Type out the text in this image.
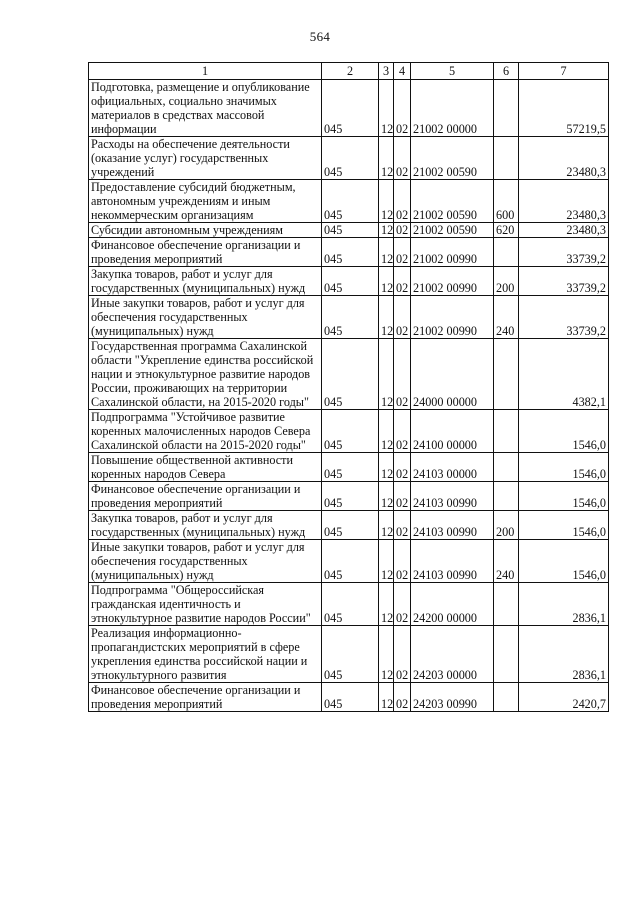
564
1	2	3	4	5	6	7
Подготовка, размещение и опубликование официальных, социально значимых материалов в средствах массовой информации	045	12	02	21002 00000		57219,5
Расходы на обеспечение деятельности (оказание услуг) государственных учреждений	045	12	02	21002 00590		23480,3
Предоставление субсидий бюджетным, автономным учреждениям и иным некоммерческим организациям	045	12	02	21002 00590	600	23480,3
Субсидии автономным учреждениям	045	12	02	21002 00590	620	23480,3
Финансовое обеспечение организации и проведения мероприятий	045	12	02	21002 00990		33739,2
Закупка товаров, работ и услуг для государственных (муниципальных) нужд	045	12	02	21002 00990	200	33739,2
Иные закупки товаров, работ и услуг для обеспечения государственных (муниципальных) нужд	045	12	02	21002 00990	240	33739,2
Государственная программа Сахалинской области "Укрепление единства российской нации и этнокультурное развитие народов России, проживающих на территории Сахалинской области, на 2015-2020 годы"	045	12	02	24000 00000		4382,1
Подпрограмма "Устойчивое развитие коренных малочисленных народов Севера Сахалинской области на 2015-2020 годы"	045	12	02	24100 00000		1546,0
Повышение общественной активности коренных народов Севера	045	12	02	24103 00000		1546,0
Финансовое обеспечение организации и проведения мероприятий	045	12	02	24103 00990		1546,0
Закупка товаров, работ и услуг для государственных (муниципальных) нужд	045	12	02	24103 00990	200	1546,0
Иные закупки товаров, работ и услуг для обеспечения государственных (муниципальных) нужд	045	12	02	24103 00990	240	1546,0
Подпрограмма "Общероссийская гражданская идентичность и этнокультурное развитие народов России"	045	12	02	24200 00000		2836,1
Реализация информационно-пропагандистских мероприятий в сфере укрепления единства российской нации и этнокультурного развития	045	12	02	24203 00000		2836,1
Финансовое обеспечение организации и проведения мероприятий	045	12	02	24203 00990		2420,7
